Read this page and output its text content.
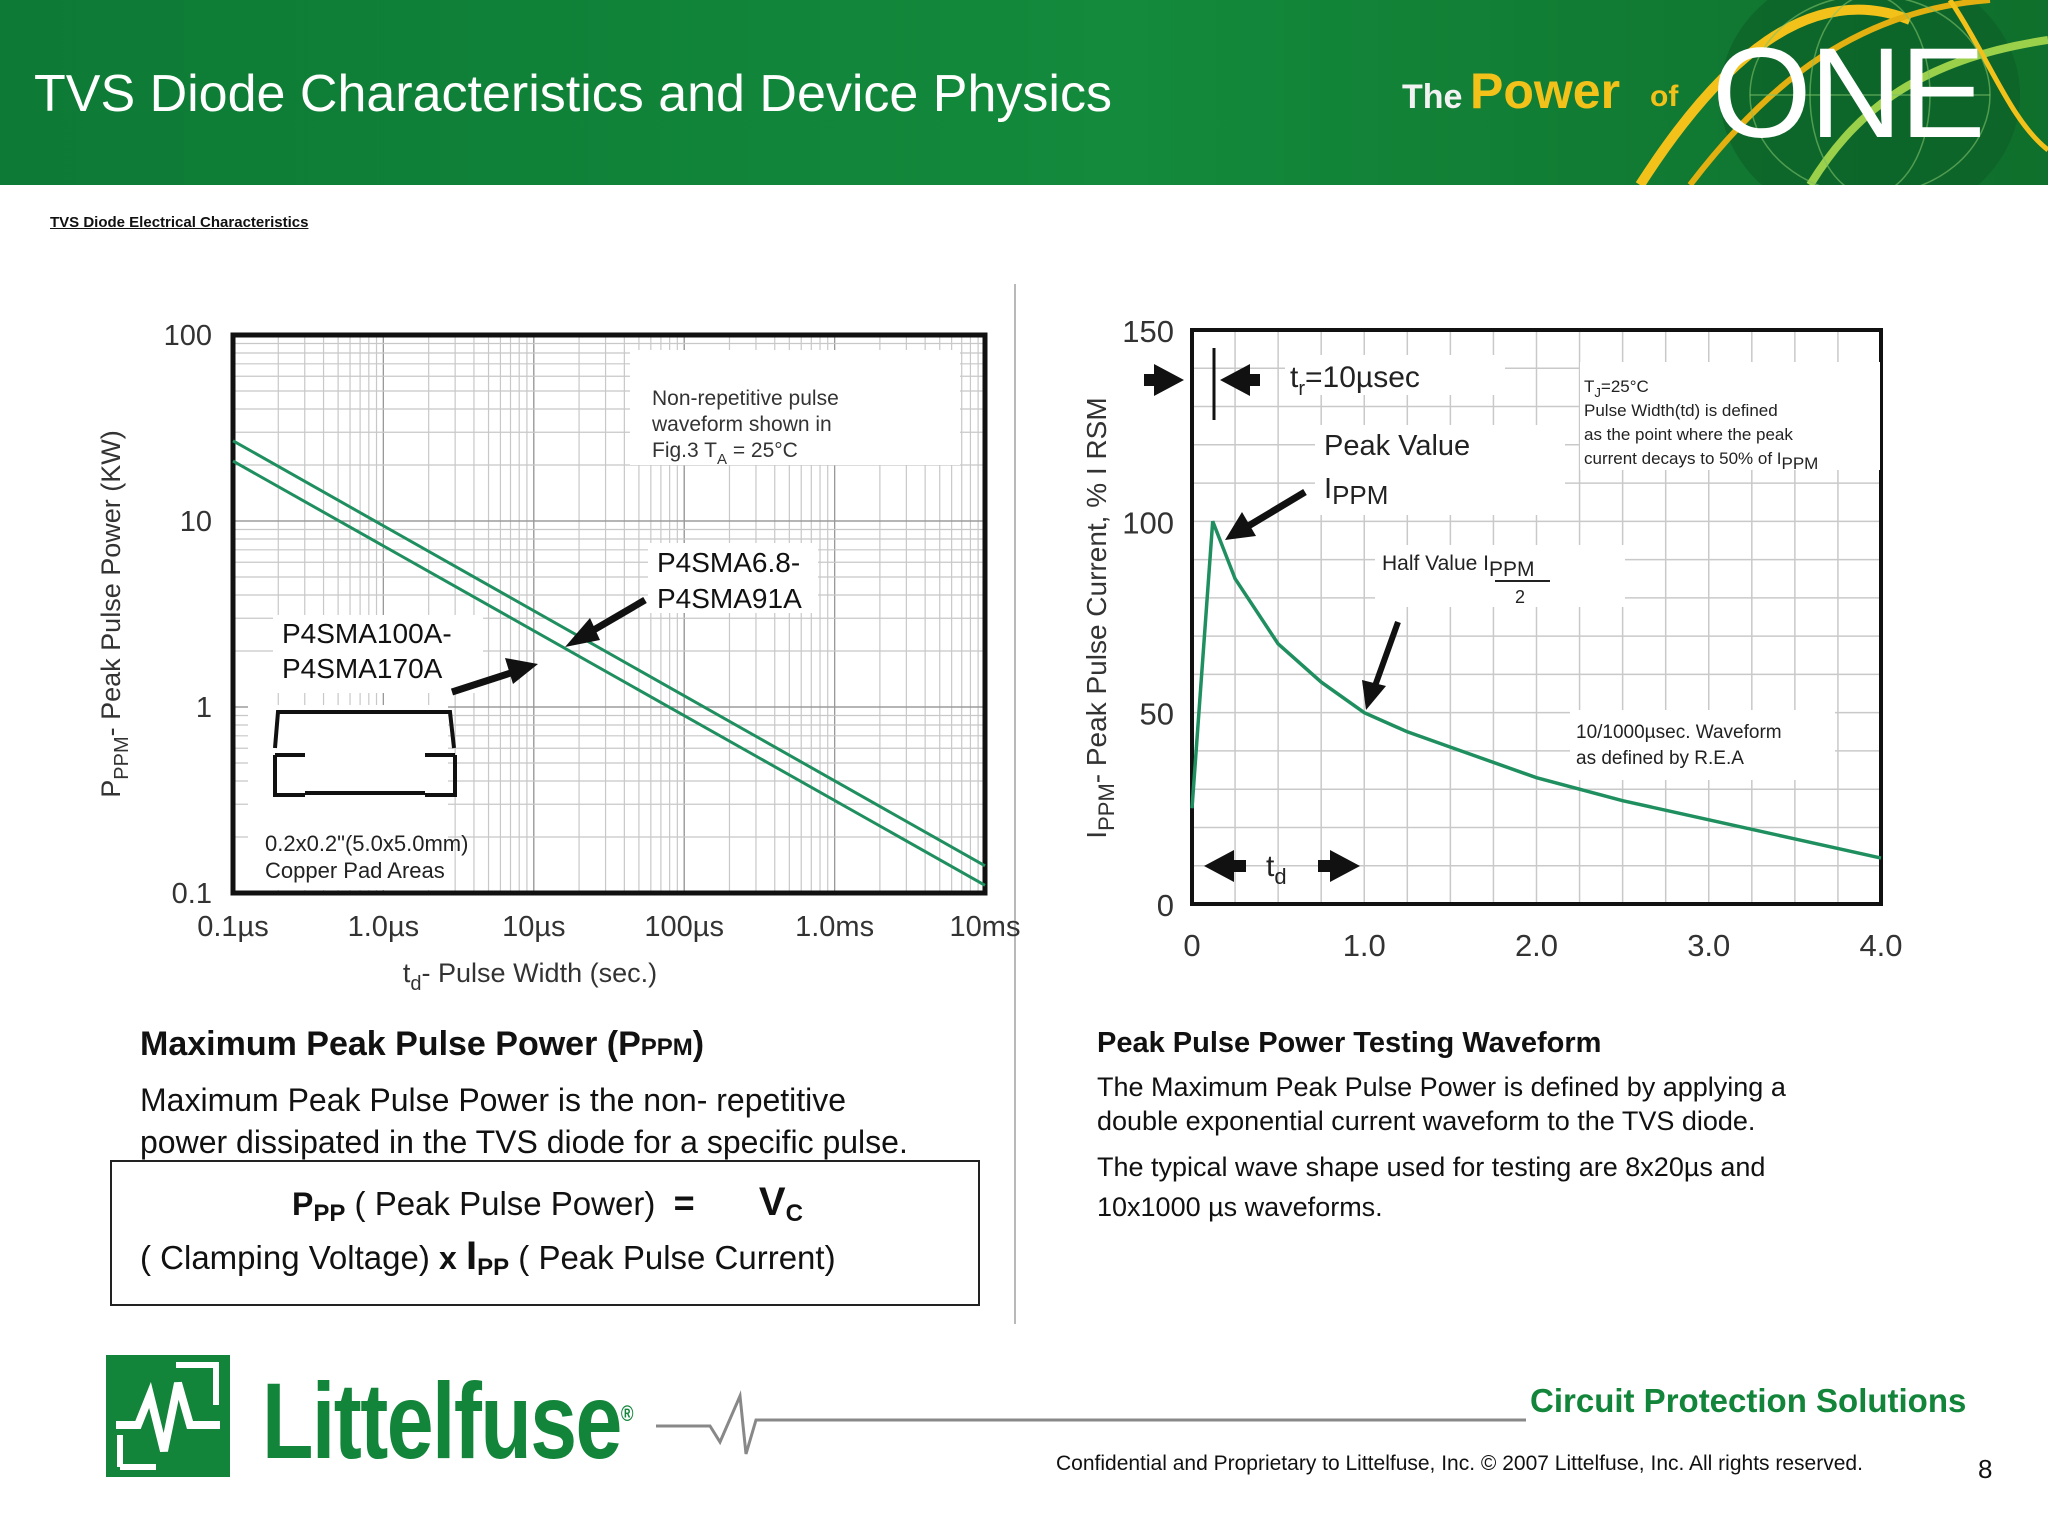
TVS Diode Characteristics and Device Physics	The Power of ONE
TVS Diode Electrical Characteristics
Non-repetitive pulse
waveform shown in
Fig.3 $T_A = 25^\circ C$
P4SMA6.8-
P4SMA91A
P4SMA100A-
P4SMA170A
0.2x0.2"(5.0x5.0mm)
Copper Pad Areas
0.1µs	1.0µs	10µs	100µs 1.0ms	10ms
0.1
1
10
100
$t_d-$ Pulse Width (sec.)
$P_{PPM}-$ Peak Pulse Power (KW)
$t_r=10\mu\sec$
Peak Value
IPPM
Half Value IPPM
2
$T_J=25^\circ C$
Pulse Width(td) is defined
as the point where the peak
current decays to 50% of IPPM
10/1000µsec. Waveform
as defined by R.E.A
$t_d$
0	1.0	2.0	3.0	4.0
0
50
100
150
$I_{PPM}-$ Peak Pulse Current, % I RSM
Maximum Peak Pulse Power (PPPM)
Maximum Peak Pulse Power is the non- repetitive
power dissipated in the TVS diode for a specific pulse.
PPP ( Peak Pulse Power) = VC
( Clamping Voltage) x IPP ( Peak Pulse Current)
Peak Pulse Power Testing Waveform
The Maximum Peak Pulse Power is defined by applying a
double exponential current waveform to the TVS diode.
The typical wave shape used for testing are 8x20µs and
10x1000 µs waveforms.
Littelfuse®	Circuit Protection Solutions
Confidential and Proprietary to Littelfuse, Inc. © 2007 Littelfuse, Inc. All rights reserved.	8
